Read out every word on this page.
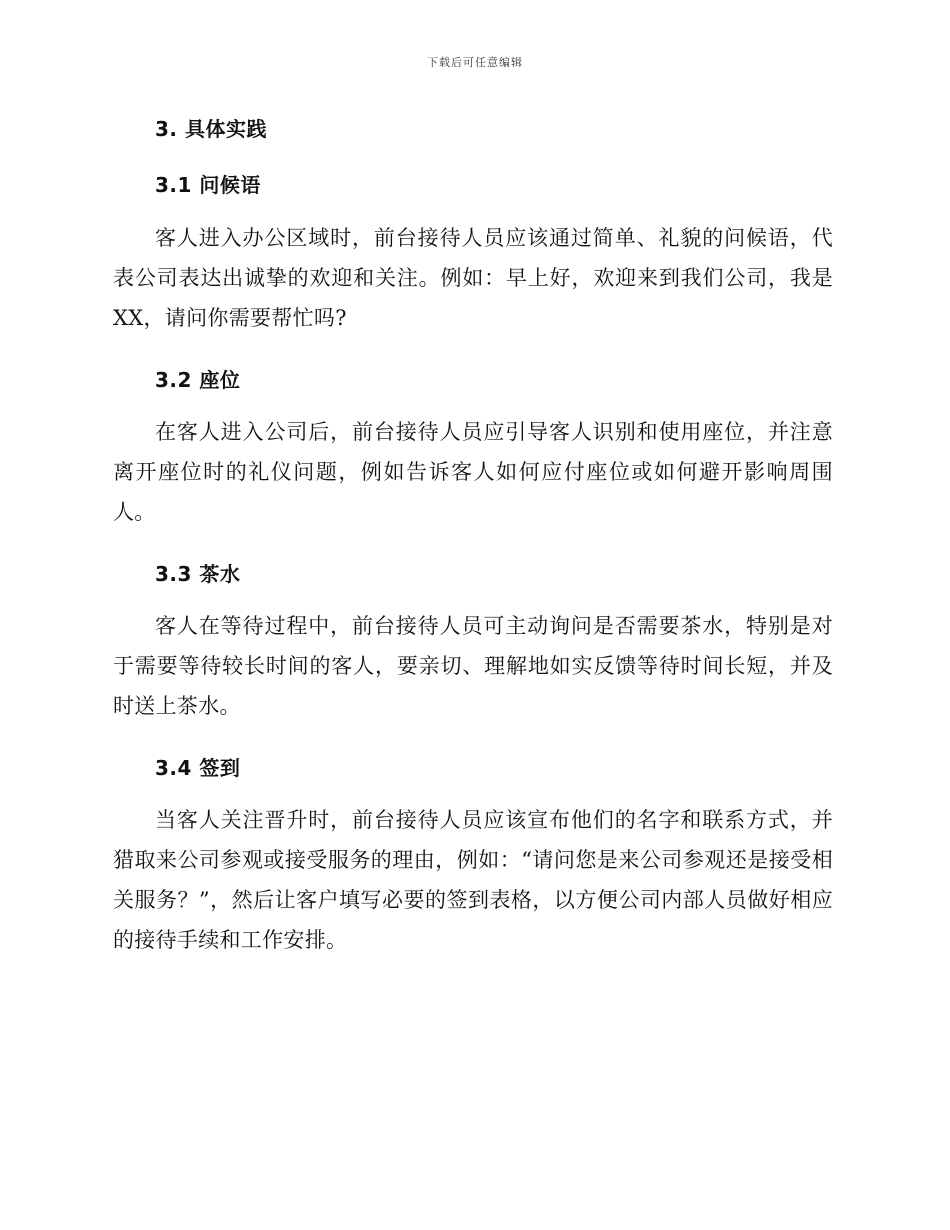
下载后可任意编辑
3. 具体实践
3.1 问候语
客人进入办公区域时，前台接待人员应该通过简单、礼貌的问候语，代表公司表达出诚挚的欢迎和关注。例如：早上好，欢迎来到我们公司，我是XX，请问你需要帮忙吗?
3.2 座位
在客人进入公司后，前台接待人员应引导客人识别和使用座位，并注意离开座位时的礼仪问题，例如告诉客人如何应付座位或如何避开影响周围人。
3.3 茶水
客人在等待过程中，前台接待人员可主动询问是否需要茶水，特别是对于需要等待较长时间的客人，要亲切、理解地如实反馈等待时间长短，并及时送上茶水。
3.4 签到
当客人关注晋升时，前台接待人员应该宣布他们的名字和联系方式，并猎取来公司参观或接受服务的理由，例如：“请问您是来公司参观还是接受相关服务？”，然后让客户填写必要的签到表格，以方便公司内部人员做好相应的接待手续和工作安排。
